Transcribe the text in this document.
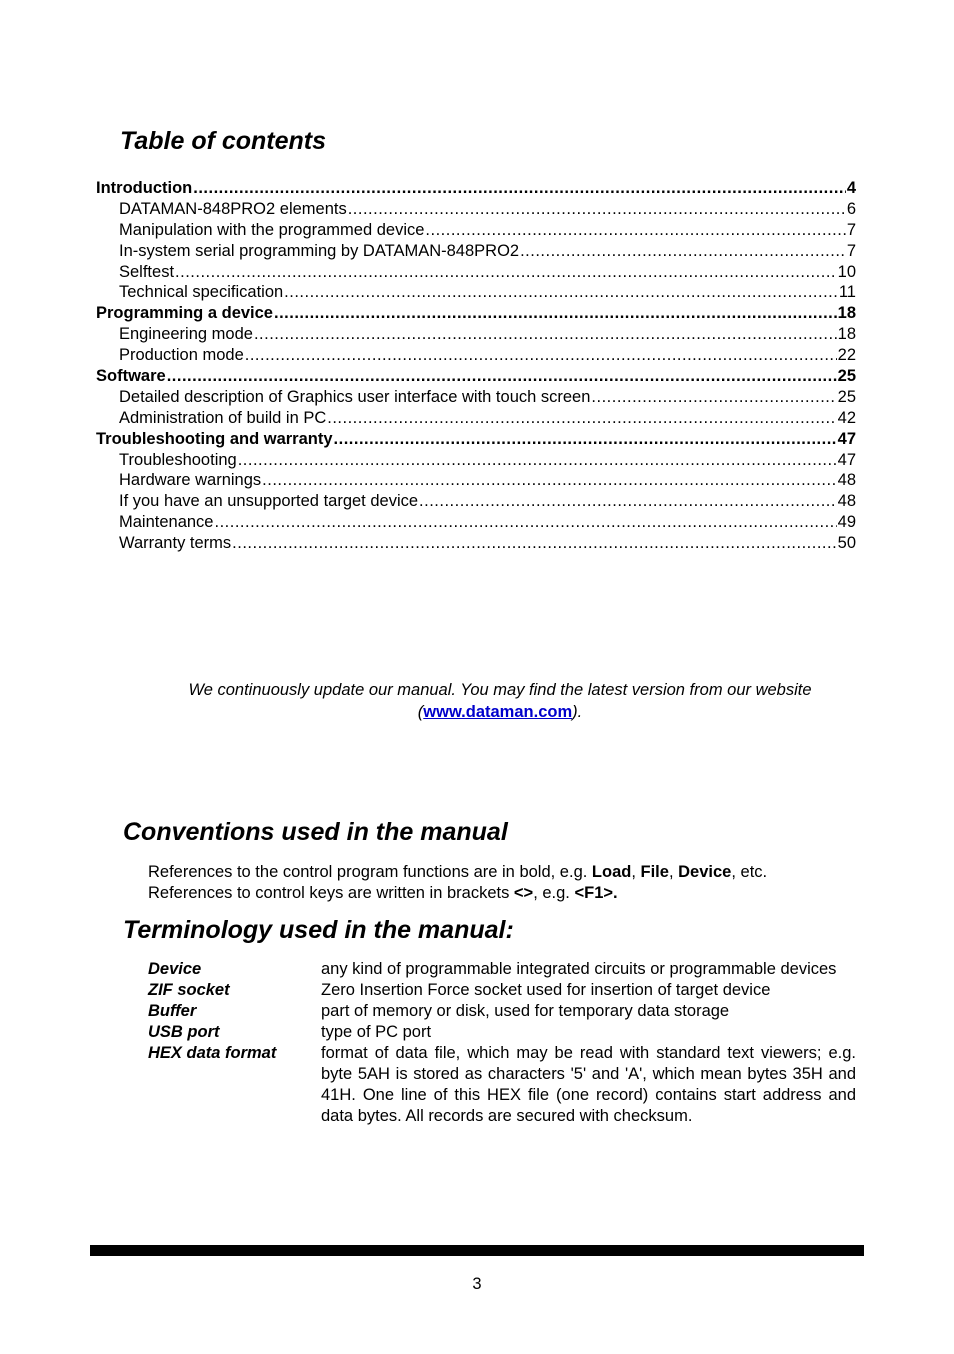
Table of contents
Introduction .....	4
DATAMAN-848PRO2 elements .....	6
Manipulation with the programmed device .....	7
In-system serial programming by DATAMAN-848PRO2 .....	7
Selftest .....	10
Technical specification .....	11
Programming a device .....	18
Engineering mode .....	18
Production mode .....	22
Software .....	25
Detailed description of Graphics user interface with touch screen .....	25
Administration of build in PC .....	42
Troubleshooting and warranty .....	47
Troubleshooting .....	47
Hardware warnings .....	48
If you have an unsupported target device .....	48
Maintenance .....	49
Warranty terms .....	50
We continuously update our manual. You may find the latest version from our website (www.dataman.com).
Conventions used in the manual

References to the control program functions are in bold, e.g. Load, File, Device, etc.

References to control keys are written in brackets <>, e.g. <F1>.

Terminology used in the manual:
Device	any kind of programmable integrated circuits or programmable devices
ZIF socket	Zero Insertion Force socket used for insertion of target device
Buffer	part of memory or disk, used for temporary data storage
USB port	type of PC port
HEX data format	format of data file, which may be read with standard text viewers; e.g. byte 5AH is stored as characters '5' and 'A', which mean bytes 35H and 41H. One line of this HEX file (one record) contains start address and data bytes. All records are secured with checksum.
3
